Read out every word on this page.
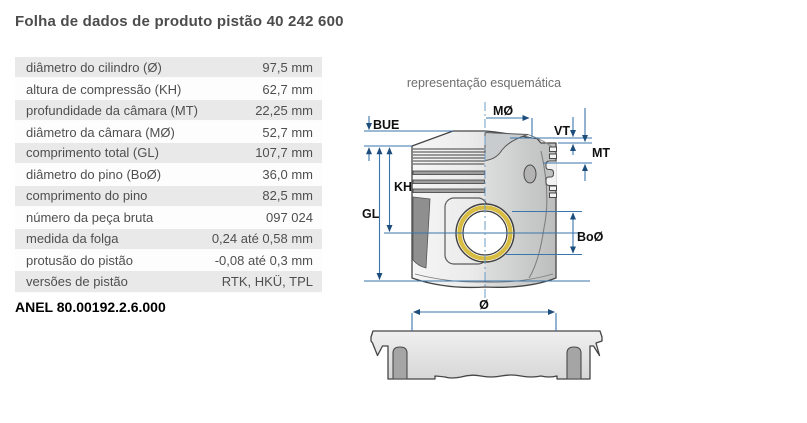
Folha de dados de produto pistão 40 242 600
diâmetro do cilindro (Ø)	97,5 mm
altura de compressão (KH)	62,7 mm
profundidade da câmara (MT)	22,25 mm
diâmetro da câmara (MØ)	52,7 mm
comprimento total (GL)	107,7 mm
diâmetro do pino (BoØ)	36,0 mm
comprimento do pino	82,5 mm
número da peça bruta	097 024
medida da folga	0,24 até 0,58 mm
protusão do pistão	-0,08 até 0,3 mm
versões de pistão	RTK, HKÜ, TPL
ANEL 80.00192.2.6.000
representação esquemática
BUE
MØ
VT
MT
KH
GL
BoØ
Ø
